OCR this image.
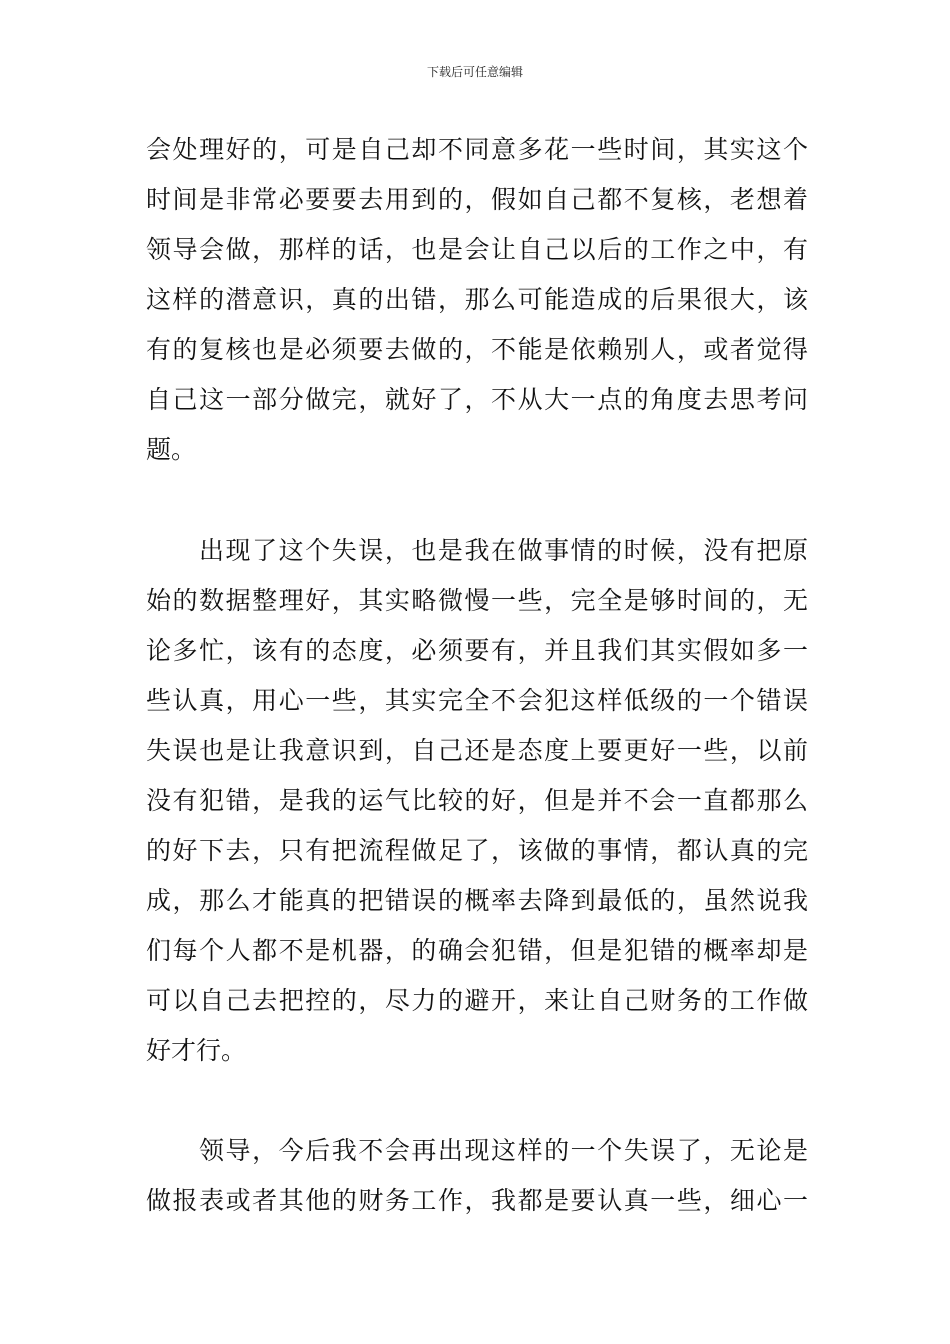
下载后可任意编辑
会处理好的，可是自己却不同意多花一些时间，其实这个
时间是非常必要要去用到的，假如自己都不复核，老想着
领导会做，那样的话，也是会让自己以后的工作之中，有
这样的潜意识，真的出错，那么可能造成的后果很大，该
有的复核也是必须要去做的，不能是依赖别人，或者觉得
自己这一部分做完，就好了，不从大一点的角度去思考问
题。
出现了这个失误，也是我在做事情的时候，没有把原
始的数据整理好，其实略微慢一些，完全是够时间的，无
论多忙，该有的态度，必须要有，并且我们其实假如多一
些认真，用心一些，其实完全不会犯这样低级的一个错误
失误也是让我意识到，自己还是态度上要更好一些，以前
没有犯错，是我的运气比较的好，但是并不会一直都那么
的好下去，只有把流程做足了，该做的事情，都认真的完
成，那么才能真的把错误的概率去降到最低的，虽然说我
们每个人都不是机器，的确会犯错，但是犯错的概率却是
可以自己去把控的，尽力的避开，来让自己财务的工作做
好才行。
领导，今后我不会再出现这样的一个失误了，无论是
做报表或者其他的财务工作，我都是要认真一些，细心一
